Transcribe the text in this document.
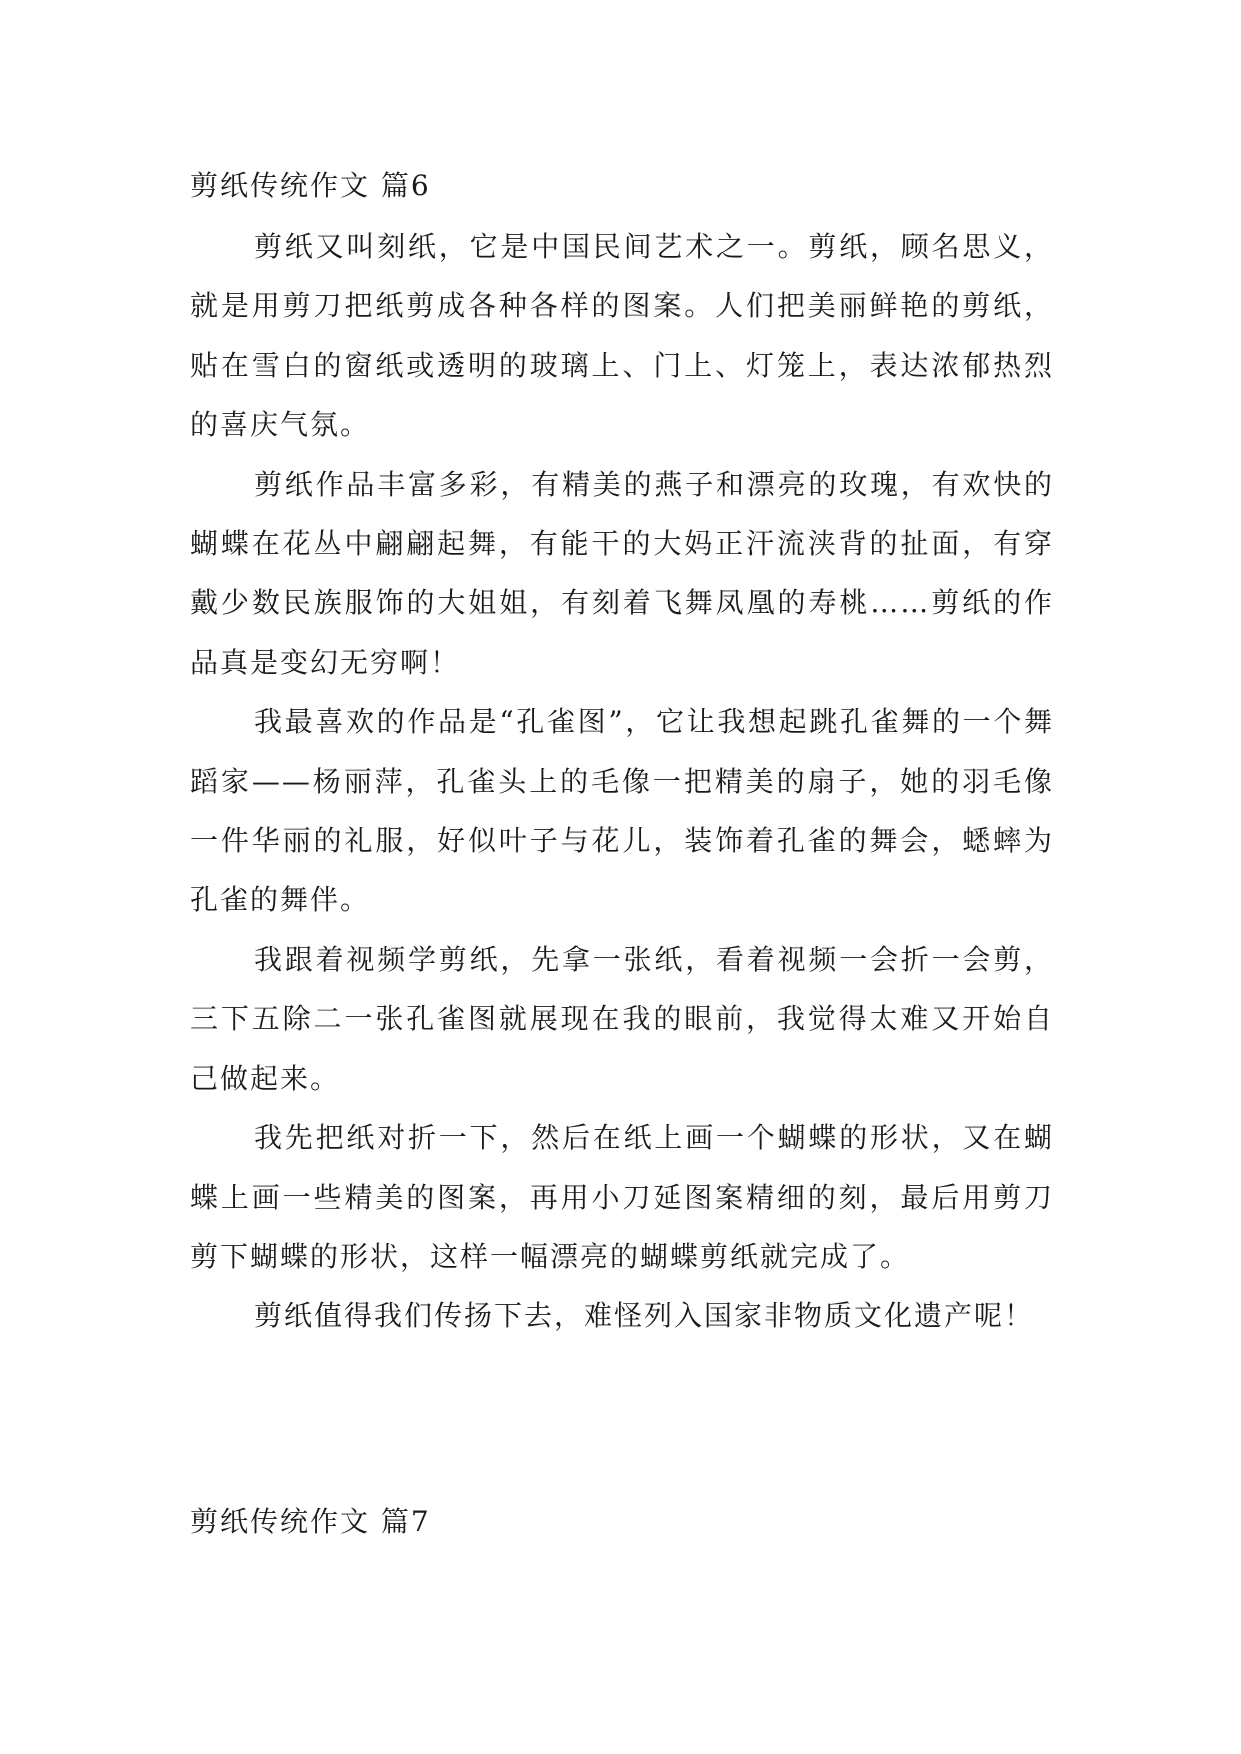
剪纸传统作文 篇6

剪纸又叫刻纸，它是中国民间艺术之一。剪纸，顾名思义，就是用剪刀把纸剪成各种各样的图案。人们把美丽鲜艳的剪纸，贴在雪白的窗纸或透明的玻璃上、门上、灯笼上，表达浓郁热烈的喜庆气氛。

剪纸作品丰富多彩，有精美的燕子和漂亮的玫瑰，有欢快的蝴蝶在花丛中翩翩起舞，有能干的大妈正汗流浃背的扯面，有穿戴少数民族服饰的大姐姐，有刻着飞舞凤凰的寿桃……剪纸的作品真是变幻无穷啊！

我最喜欢的作品是“孔雀图”，它让我想起跳孔雀舞的一个舞蹈家——杨丽萍，孔雀头上的毛像一把精美的扇子，她的羽毛像一件华丽的礼服，好似叶子与花儿，装饰着孔雀的舞会，蟋蟀为孔雀的舞伴。

我跟着视频学剪纸，先拿一张纸，看着视频一会折一会剪，三下五除二一张孔雀图就展现在我的眼前，我觉得太难又开始自己做起来。

我先把纸对折一下，然后在纸上画一个蝴蝶的形状，又在蝴蝶上画一些精美的图案，再用小刀延图案精细的刻，最后用剪刀剪下蝴蝶的形状，这样一幅漂亮的蝴蝶剪纸就完成了。

剪纸值得我们传扬下去，难怪列入国家非物质文化遗产呢！

剪纸传统作文 篇7
